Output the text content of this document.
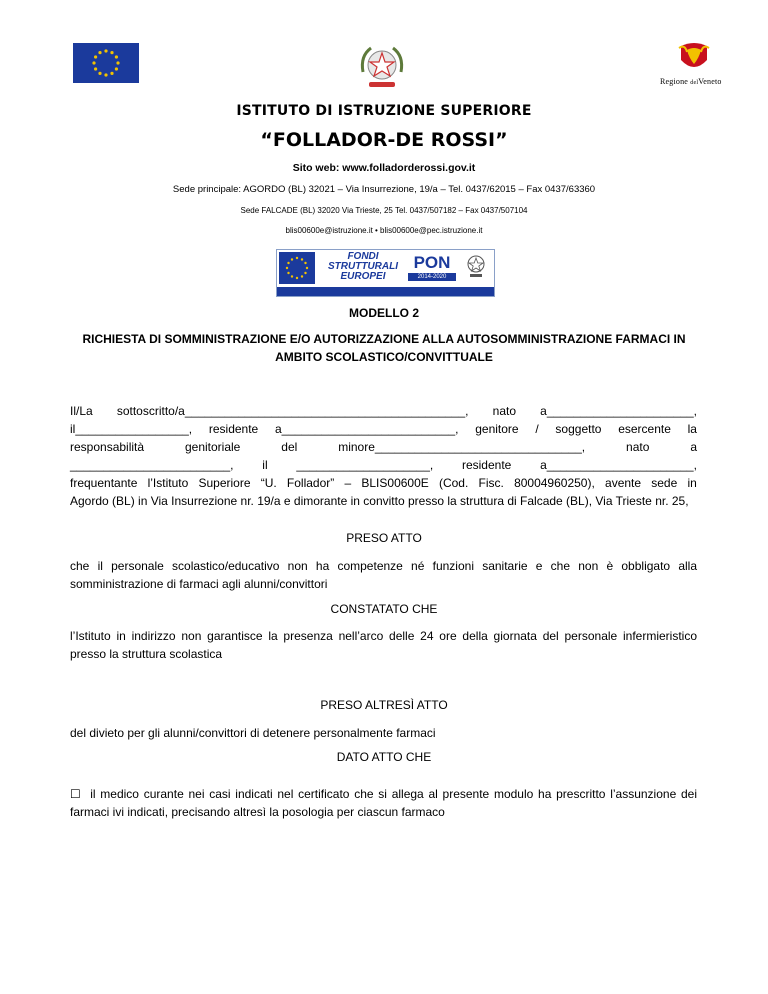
Regione delVeneto
ISTITUTO DI ISTRUZIONE SUPERIORE
“FOLLADOR-DE ROSSI”
Sito web: www.folladorderossi.gov.it
Sede principale: AGORDO (BL) 32021 – Via Insurrezione, 19/a – Tel. 0437/62015 – Fax 0437/63360
Sede FALCADE (BL) 32020 Via Trieste, 25 Tel. 0437/507182 – Fax 0437/507104
blis00600e@istruzione.it • blis00600e@pec.istruzione.it
FONDI
STRUTTURALI
EUROPEI
PON
2014-2020
MODELLO 2
RICHIESTA DI SOMMINISTRAZIONE E/O AUTORIZZAZIONE ALLA AUTOSOMMINISTRAZIONE FARMACI IN AMBITO SCOLASTICO/CONVITTUALE
Il/La sottoscritto/a__________________________________________, nato a______________________,
il_________________, residente a__________________________, genitore / soggetto esercente la
responsabilità	genitoriale	del	minore_______________________________,	nato	a
________________________, il ____________________, residente a______________________,
frequentante l’Istituto Superiore “U. Follador” – BLIS00600E (Cod. Fisc. 80004960250), avente sede in
Agordo (BL) in Via Insurrezione nr. 19/a e dimorante in convitto presso la struttura di Falcade (BL), Via Trieste nr. 25,
PRESO ATTO
che il personale scolastico/educativo non ha competenze né funzioni sanitarie e che non è obbligato alla somministrazione di farmaci agli alunni/convittori
CONSTATATO CHE
l’Istituto in indirizzo non garantisce la presenza nell’arco delle 24 ore della giornata del personale infermieristico presso la struttura scolastica
PRESO ALTRESÌ ATTO
del divieto per gli alunni/convittori di detenere personalmente farmaci
DATO ATTO CHE
☐ il medico curante nei casi indicati nel certificato che si allega al presente modulo ha prescritto l’assunzione dei farmaci ivi indicati, precisando altresì la posologia per ciascun farmaco
